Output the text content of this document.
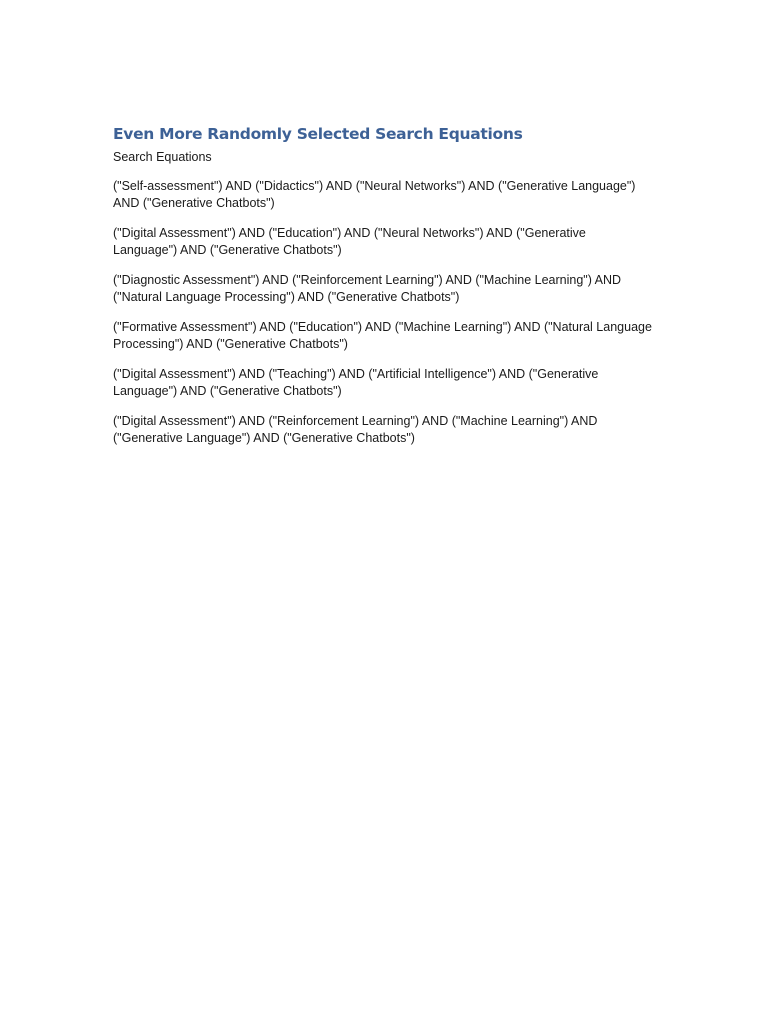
Even More Randomly Selected Search Equations

Search Equations

("Self-assessment") AND ("Didactics") AND ("Neural Networks") AND ("Generative Language") AND ("Generative Chatbots")

("Digital Assessment") AND ("Education") AND ("Neural Networks") AND ("Generative Language") AND ("Generative Chatbots")

("Diagnostic Assessment") AND ("Reinforcement Learning") AND ("Machine Learning") AND ("Natural Language Processing") AND ("Generative Chatbots")

("Formative Assessment") AND ("Education") AND ("Machine Learning") AND ("Natural Language Processing") AND ("Generative Chatbots")

("Digital Assessment") AND ("Teaching") AND ("Artificial Intelligence") AND ("Generative Language") AND ("Generative Chatbots")

("Digital Assessment") AND ("Reinforcement Learning") AND ("Machine Learning") AND ("Generative Language") AND ("Generative Chatbots")
